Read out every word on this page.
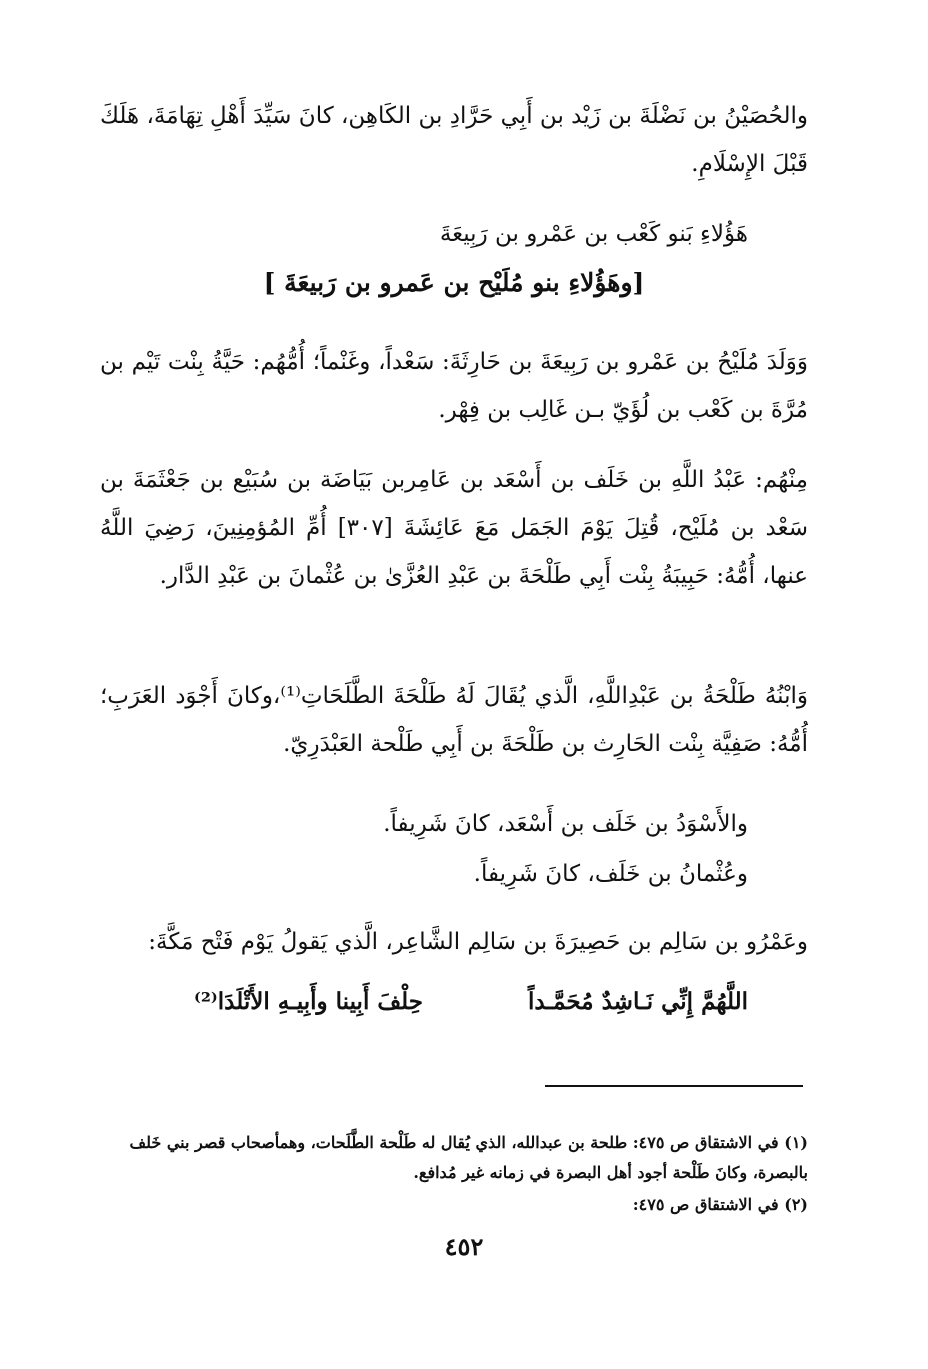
والحُصَيْنُ بن نَضْلَةَ بن زَيْد بن أَبِي حَرَّادِ بن الكَاهِن، كانَ سَيِّدَ أَهْلِ تِهَامَةَ، هَلَكَ قَبْلَ الإِسْلَامِ.

هَؤُلاءِ بَنو كَعْب بن عَمْرو بن رَبِيعَةَ

[وهَؤُلاءِ بنو مُلَيْح بن عَمرو بن رَبيعَةَ ]

وَوَلَدَ مُلَيْحُ بن عَمْرو بن رَبِيعَةَ بن حَارِثَةَ: سَعْداً، وغَنْماً؛ أُمُّهُم: حَيَّةُ بِنْت تَيْم بن مُرَّةَ بن كَعْب بن لُؤَيّ بـن غَالِب بن فِهْر.

مِنْهُم: عَبْدُ اللَّهِ بن خَلَف بن أَسْعَد بن عَامِربن بَيَاضَة بن سُبَيْع بن جَعْثَمَةَ بن سَعْد بن مُلَيْح، قُتِلَ يَوْمَ الجَمَل مَعَ عَائِشَةَ [٣٠٧] أُمِّ المُؤمِنِينَ، رَضِيَ اللَّهُ عنها، أُمُّهُ: حَبِيبَةُ بِنْت أَبِي طَلْحَةَ بن عَبْدِ العُزَّىٰ بن عُثْمانَ بن عَبْدِ الدَّار.

وَابْنُهُ طَلْحَةُ بن عَبْدِاللَّهِ، الَّذي يُقَالَ لَهُ طَلْحَةَ الطَّلَحَاتِ⁽¹⁾،وكانَ أَجْوَد العَرَبِ؛ أُمُّهُ: صَفِيَّة بِنْت الحَارِث بن طَلْحَةَ بن أَبِي طَلْحة العَبْدَرِيّ.

والأَسْوَدُ بن خَلَف بن أَسْعَد، كانَ شَرِيفاً.

وعُثْمانُ بن خَلَف، كانَ شَرِيفاً.

وعَمْرُو بن سَالِم بن حَصِيرَةَ بن سَالِم الشَّاعِر، الَّذي يَقولُ يَوْم فَتْح مَكَّةَ:

اللَّهُمَّ إِنِّي نَـاشِدٌ مُحَمَّـداً
حِلْفَ أَبِينا وأَبِيـهِ الأَتْلَدَا⁽²⁾
(١) في الاشتقاق ص ٤٧٥: طلحة بن عبدالله، الذي يُقال له طَلْحة الطَّلَحات، وهمأصحاب قصر بني خَلف بالبصرة، وكانَ طَلْحة أجود أهل البصرة في زمانه غير مُدافع.
(٢) في الاشتقاق ص ٤٧٥:
٤٥٢
